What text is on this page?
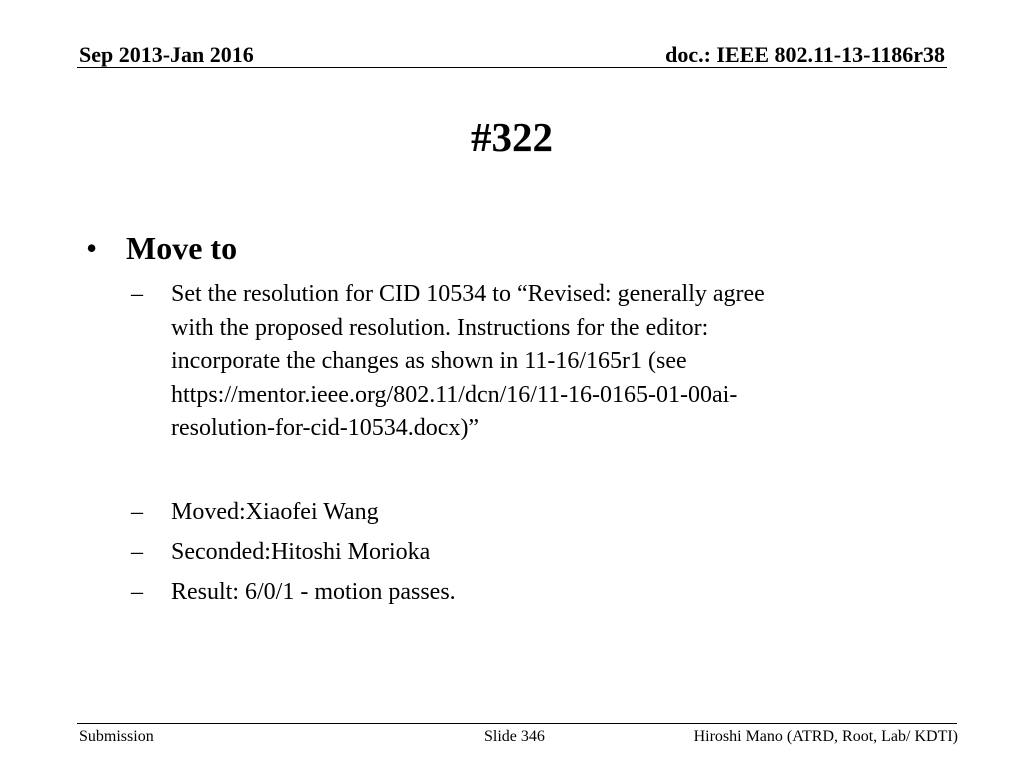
Sep 2013-Jan 2016	doc.: IEEE 802.11-13-1186r38
#322
• Move to
– Set the resolution for CID 10534 to “Revised: generally agree
with the proposed resolution. Instructions for the editor:
incorporate the changes as shown in 11-16/165r1 (see
https://mentor.ieee.org/802.11/dcn/16/11-16-0165-01-00ai-
resolution-for-cid-10534.docx)”
– Moved:Xiaofei Wang
– Seconded:Hitoshi Morioka
– Result: 6/0/1 - motion passes.
Submission	Slide 346	Hiroshi Mano (ATRD, Root, Lab/ KDTI)
